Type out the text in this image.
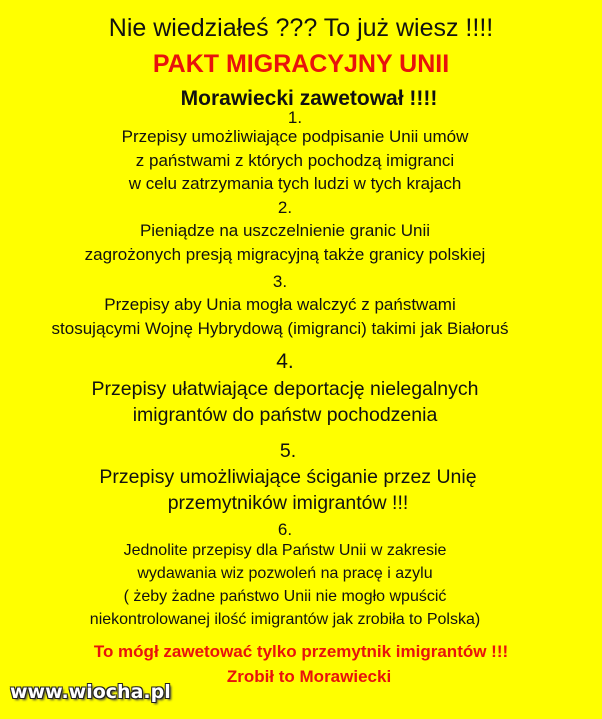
Nie wiedziałeś ??? To już wiesz !!!!
PAKT MIGRACYJNY UNII
Morawiecki zawetował !!!!
1.
Przepisy umożliwiające podpisanie Unii umów
z państwami z których pochodzą imigranci
w celu zatrzymania tych ludzi w tych krajach
2.
Pieniądze na uszczelnienie granic Unii
zagrożonych presją migracyjną także granicy polskiej
3.
Przepisy aby Unia mogła walczyć z państwami
stosującymi Wojnę Hybrydową (imigranci) takimi jak Białoruś
4.
Przepisy ułatwiające deportację nielegalnych
imigrantów do państw pochodzenia
5.
Przepisy umożliwiające ściganie przez Unię
przemytników imigrantów !!!
6.
Jednolite przepisy dla Państw Unii w zakresie
wydawania wiz pozwoleń na pracę i azylu
( żeby żadne państwo Unii nie mogło wpuścić
niekontrolowanej ilość imigrantów jak zrobiła to Polska)
To mógł zawetować tylko przemytnik imigrantów !!!
Zrobił to Morawiecki
www.wiocha.pl
